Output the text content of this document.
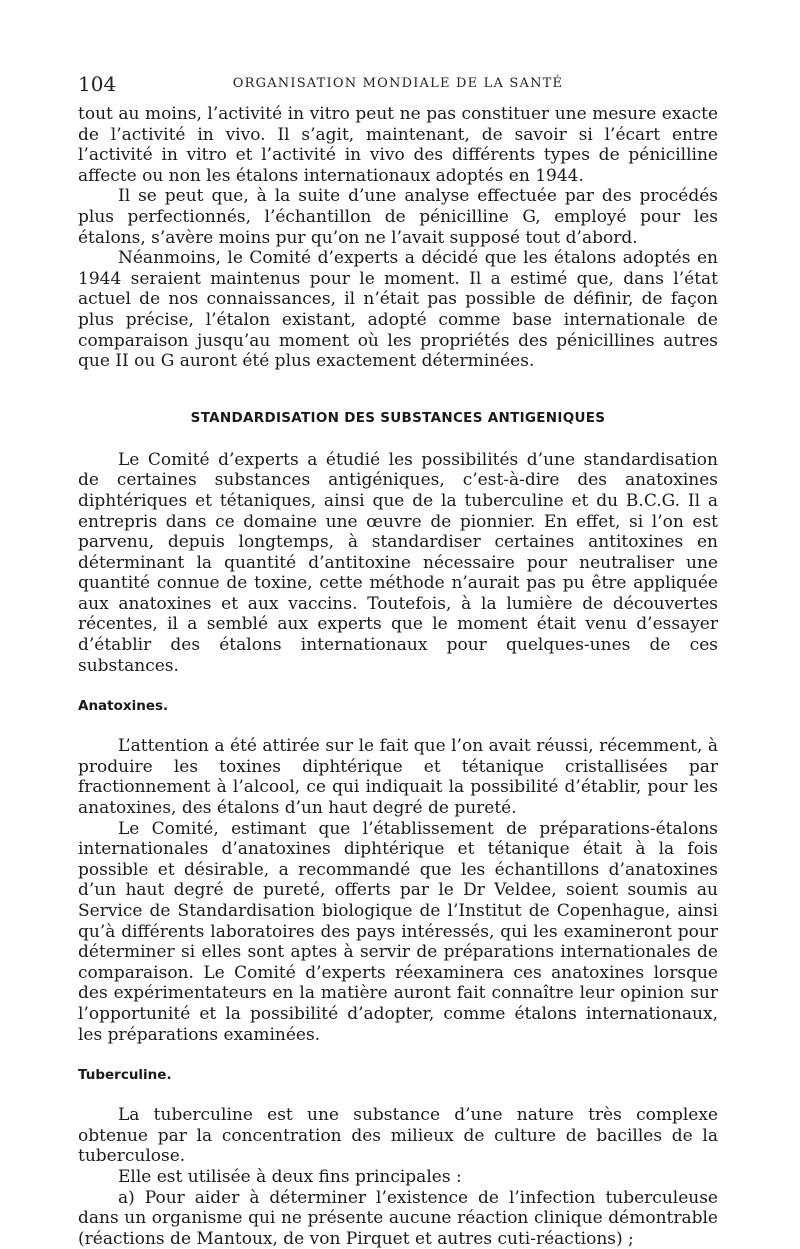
104	ORGANISATION MONDIALE DE LA SANTÉ

tout au moins, l’activité in vitro peut ne pas constituer une mesure exacte de l’activité in vivo. Il s’agit, maintenant, de savoir si l’écart entre l’activité in vitro et l’activité in vivo des différents types de pénicilline affecte ou non les étalons internationaux adoptés en 1944.

Il se peut que, à la suite d’une analyse effectuée par des procédés plus perfectionnés, l’échantillon de pénicilline G, employé pour les étalons, s’avère moins pur qu’on ne l’avait supposé tout d’abord.

Néanmoins, le Comité d’experts a décidé que les étalons adoptés en 1944 seraient maintenus pour le moment. Il a estimé que, dans l’état actuel de nos connaissances, il n’était pas possible de définir, de façon plus précise, l’étalon existant, adopté comme base internationale de comparaison jusqu’au moment où les propriétés des pénicillines autres que II ou G auront été plus exactement déterminées.

STANDARDISATION DES SUBSTANCES ANTIGENIQUES

Le Comité d’experts a étudié les possibilités d’une standardisation de certaines substances antigéniques, c’est-à-dire des anatoxines diphtériques et tétaniques, ainsi que de la tuberculine et du B.C.G. Il a entrepris dans ce domaine une œuvre de pionnier. En effet, si l’on est parvenu, depuis longtemps, à standardiser certaines antitoxines en déterminant la quantité d’antitoxine nécessaire pour neutraliser une quantité connue de toxine, cette méthode n’aurait pas pu être appliquée aux anatoxines et aux vaccins. Toutefois, à la lumière de découvertes récentes, il a semblé aux experts que le moment était venu d’essayer d’établir des étalons internationaux pour quelques-unes de ces substances.

Anatoxines.

L’attention a été attirée sur le fait que l’on avait réussi, récemment, à produire les toxines diphtérique et tétanique cristallisées par fractionnement à l’alcool, ce qui indiquait la possibilité d’établir, pour les anatoxines, des étalons d’un haut degré de pureté.

Le Comité, estimant que l’établissement de préparations-étalons internationales d’anatoxines diphtérique et tétanique était à la fois possible et désirable, a recommandé que les échantillons d’anatoxines d’un haut degré de pureté, offerts par le Dr Veldee, soient soumis au Service de Standardisation biologique de l’Institut de Copenhague, ainsi qu’à différents laboratoires des pays intéressés, qui les examineront pour déterminer si elles sont aptes à servir de préparations internationales de comparaison. Le Comité d’experts réexaminera ces anatoxines lorsque des expérimentateurs en la matière auront fait connaître leur opinion sur l’opportunité et la possibilité d’adopter, comme étalons internationaux, les préparations examinées.

Tuberculine.

La tuberculine est une substance d’une nature très complexe obtenue par la concentration des milieux de culture de bacilles de la tuberculose.

Elle est utilisée à deux fins principales :

a) Pour aider à déterminer l’existence de l’infection tuberculeuse dans un organisme qui ne présente aucune réaction clinique démontrable (réactions de Mantoux, de von Pirquet et autres cuti-réactions) ;
